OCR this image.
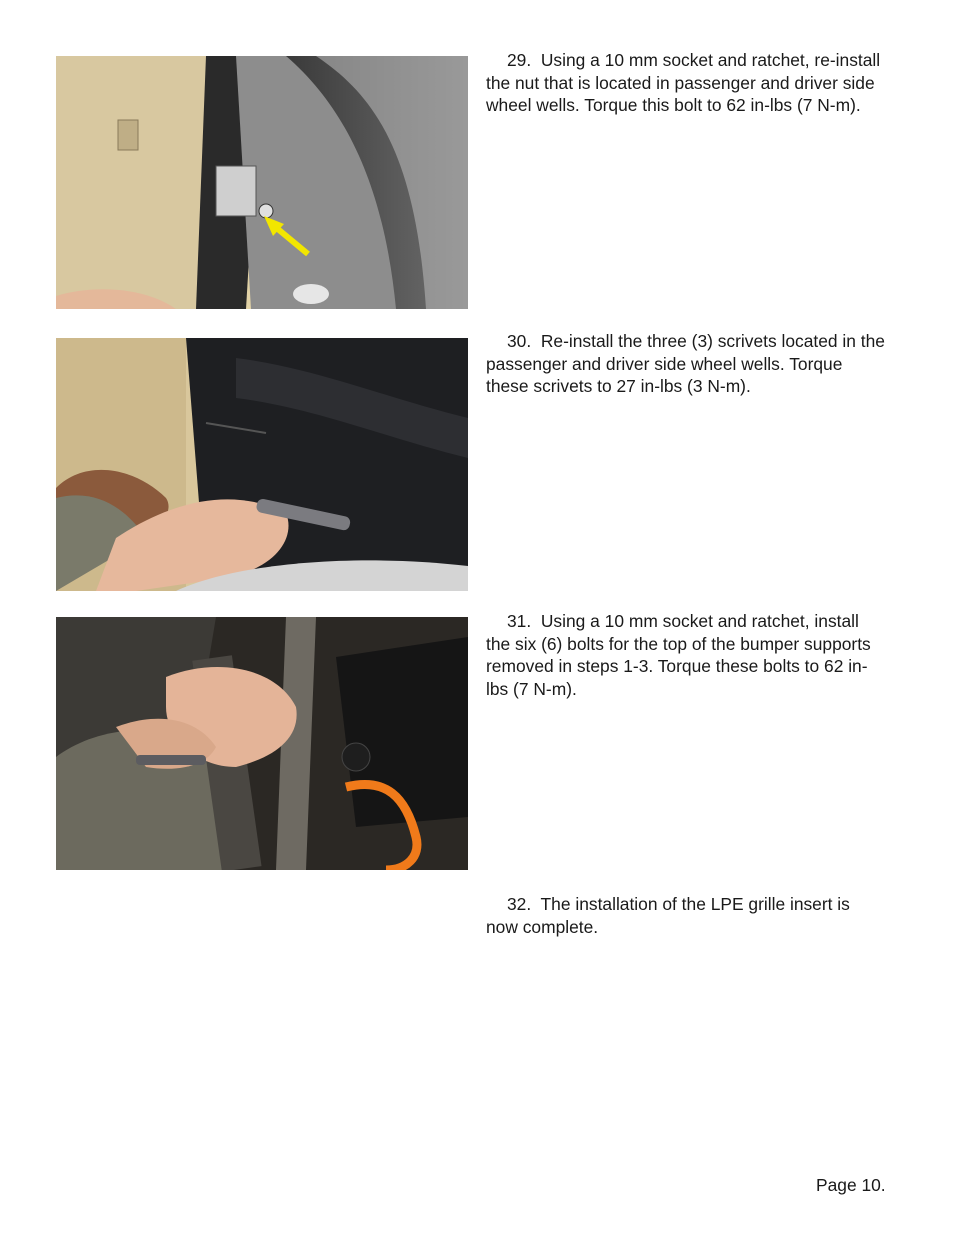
29. Using a 10 mm socket and ratchet, re-install the nut that is located in passenger and driver side wheel wells. Torque this bolt to 62 in-lbs (7 N-m).

30. Re-install the three (3) scrivets located in the passenger and driver side wheel wells. Torque these scrivets to 27 in-lbs (3 N-m).

31. Using a 10 mm socket and ratchet, install the six (6) bolts for the top of the bumper supports removed in steps 1-3. Torque these bolts to 62 in-lbs (7 N-m).

32. The installation of the LPE grille insert is now complete.

Page 10.
